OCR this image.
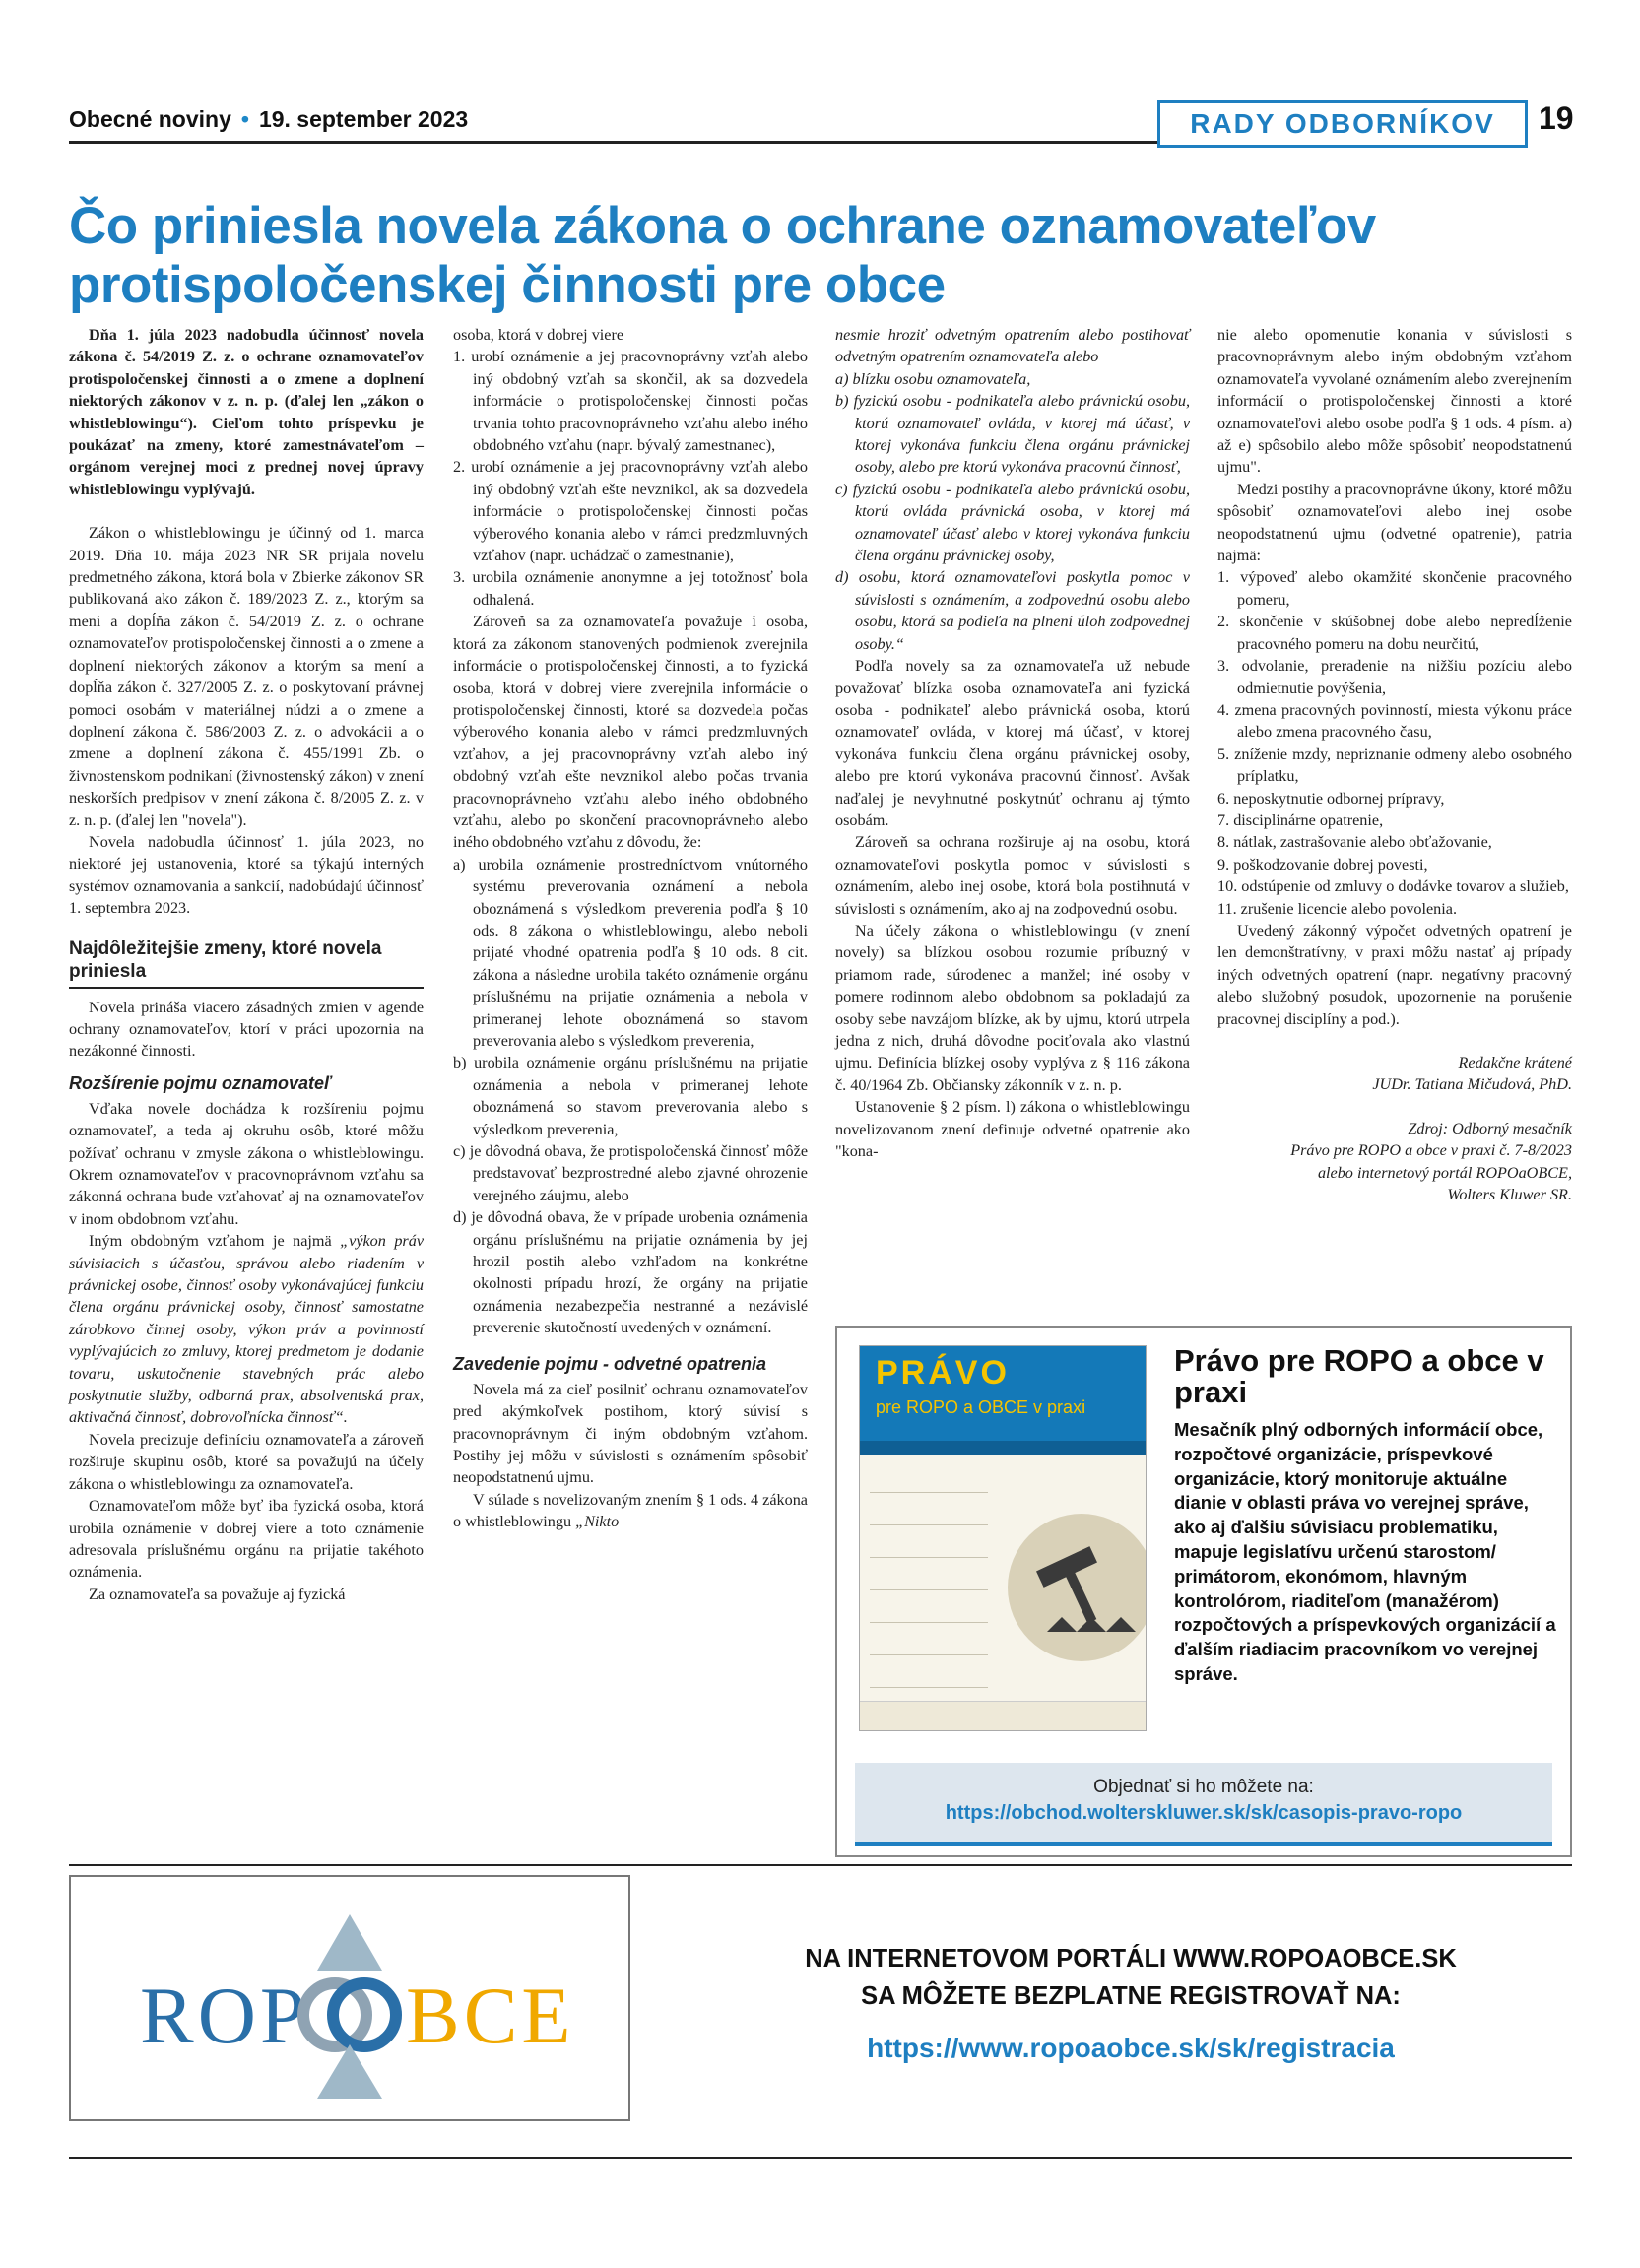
Obecné noviny • 19. september 2023	RADY ODBORNÍKOV	19
Čo priniesla novela zákona o ochrane oznamovateľov protispoločenskej činnosti pre obce

Dňa 1. júla 2023 nadobudla účinnosť novela zákona č. 54/2019 Z. z. o ochrane oznamovateľov protispoločenskej činnosti a o zmene a doplnení niektorých zákonov v z. n. p. (ďalej len „zákon o whistleblowingu“). Cieľom tohto príspevku je poukázať na zmeny, ktoré zamestnávateľom – orgánom verejnej moci z prednej novej úpravy whistleblowingu vyplývajú.

Zákon o whistleblowingu je účinný od 1. marca 2019. Dňa 10. mája 2023 NR SR prijala novelu predmetného zákona, ktorá bola v Zbierke zákonov SR publikovaná ako zákon č. 189/2023 Z. z., ktorým sa mení a dopĺňa zákon č. 54/2019 Z. z. o ochrane oznamovateľov protispoločenskej činnosti a o zmene a doplnení niektorých zákonov a ktorým sa mení a dopĺňa zákon č. 327/2005 Z. z. o poskytovaní právnej pomoci osobám v materiálnej núdzi a o zmene a doplnení zákona č. 586/2003 Z. z. o advokácii a o zmene a doplnení zákona č. 455/1991 Zb. o živnostenskom podnikaní (živnostenský zákon) v znení neskorších predpisov v znení zákona č. 8/2005 Z. z. v z. n. p. (ďalej len "novela").

Novela nadobudla účinnosť 1. júla 2023, no niektoré jej ustanovenia, ktoré sa týkajú interných systémov oznamovania a sankcií, nadobúdajú účinnosť 1. septembra 2023.

Najdôležitejšie zmeny, ktoré novela priniesla

Novela prináša viacero zásadných zmien v agende ochrany oznamovateľov, ktorí v práci upozornia na nezákonné činnosti.

Rozšírenie pojmu oznamovateľ

Vďaka novele dochádza k rozšíreniu pojmu oznamovateľ, a teda aj okruhu osôb, ktoré môžu požívať ochranu v zmysle zákona o whistleblowingu. Okrem oznamovateľov v pracovnoprávnom vzťahu sa zákonná ochrana bude vzťahovať aj na oznamovateľov v inom obdobnom vzťahu.

Iným obdobným vzťahom je najmä „výkon práv súvisiacich s účasťou, správou alebo riadením v právnickej osobe, činnosť osoby vykonávajúcej funkciu člena orgánu právnickej osoby, činnosť samostatne zárobkovo činnej osoby, výkon práv a povinností vyplývajúcich zo zmluvy, ktorej predmetom je dodanie tovaru, uskutočnenie stavebných prác alebo poskytnutie služby, odborná prax, absolventská prax, aktivačná činnosť, dobrovoľnícka činnosť“.

Novela precizuje definíciu oznamovateľa a zároveň rozširuje skupinu osôb, ktoré sa považujú na účely zákona o whistleblowingu za oznamovateľa.

Oznamovateľom môže byť iba fyzická osoba, ktorá urobila oznámenie v dobrej viere a toto oznámenie adresovala príslušnému orgánu na prijatie takéhoto oznámenia.

Za oznamovateľa sa považuje aj fyzická

osoba, ktorá v dobrej viere

1. urobí oznámenie a jej pracovnoprávny vzťah alebo iný obdobný vzťah sa skončil, ak sa dozvedela informácie o protispoločenskej činnosti počas trvania tohto pracovnoprávneho vzťahu alebo iného obdobného vzťahu (napr. bývalý zamestnanec),
2. urobí oznámenie a jej pracovnoprávny vzťah alebo iný obdobný vzťah ešte nevznikol, ak sa dozvedela informácie o protispoločenskej činnosti počas výberového konania alebo v rámci predzmluvných vzťahov (napr. uchádzač o zamestnanie),
3. urobila oznámenie anonymne a jej totožnosť bola odhalená.

Zároveň sa za oznamovateľa považuje i osoba, ktorá za zákonom stanovených podmienok zverejnila informácie o protispoločenskej činnosti, a to fyzická osoba, ktorá v dobrej viere zverejnila informácie o protispoločenskej činnosti, ktoré sa dozvedela počas výberového konania alebo v rámci predzmluvných vzťahov, a jej pracovnoprávny vzťah alebo iný obdobný vzťah ešte nevznikol alebo počas trvania pracovnoprávneho vzťahu alebo iného obdobného vzťahu, alebo po skončení pracovnoprávneho alebo iného obdobného vzťahu z dôvodu, že:

a) urobila oznámenie prostredníctvom vnútorného systému preverovania oznámení a nebola oboznámená s výsledkom preverenia podľa § 10 ods. 8 zákona o whistleblowingu, alebo neboli prijaté vhodné opatrenia podľa § 10 ods. 8 cit. zákona a následne urobila takéto oznámenie orgánu príslušnému na prijatie oznámenia a nebola v primeranej lehote oboznámená so stavom preverovania alebo s výsledkom preverenia,
b) urobila oznámenie orgánu príslušnému na prijatie oznámenia a nebola v primeranej lehote oboznámená so stavom preverovania alebo s výsledkom preverenia,
c) je dôvodná obava, že protispoločenská činnosť môže predstavovať bezprostredné alebo zjavné ohrozenie verejného záujmu, alebo
d) je dôvodná obava, že v prípade urobenia oznámenia orgánu príslušnému na prijatie oznámenia by jej hrozil postih alebo vzhľadom na konkrétne okolnosti prípadu hrozí, že orgány na prijatie oznámenia nezabezpečia nestranné a nezávislé preverenie skutočností uvedených v oznámení.
Zavedenie pojmu - odvetné opatrenia

Novela má za cieľ posilniť ochranu oznamovateľov pred akýmkoľvek postihom, ktorý súvisí s pracovnoprávnym či iným obdobným vzťahom. Postihy jej môžu v súvislosti s oznámením spôsobiť neopodstatnenú ujmu.

V súlade s novelizovaným znením § 1 ods. 4 zákona o whistleblowingu „Nikto

nesmie hroziť odvetným opatrením alebo postihovať odvetným opatrením oznamovateľa alebo

a) blízku osobu oznamovateľa,
b) fyzickú osobu - podnikateľa alebo právnickú osobu, ktorú oznamovateľ ovláda, v ktorej má účasť, v ktorej vykonáva funkciu člena orgánu právnickej osoby, alebo pre ktorú vykonáva pracovnú činnosť,
c) fyzickú osobu - podnikateľa alebo právnickú osobu, ktorú ovláda právnická osoba, v ktorej má oznamovateľ účasť alebo v ktorej vykonáva funkciu člena orgánu právnickej osoby,
d) osobu, ktorá oznamovateľovi poskytla pomoc v súvislosti s oznámením, a zodpovednú osobu alebo osobu, ktorá sa podieľa na plnení úloh zodpovednej osoby.“

Podľa novely sa za oznamovateľa už nebude považovať blízka osoba oznamovateľa ani fyzická osoba - podnikateľ alebo právnická osoba, ktorú oznamovateľ ovláda, v ktorej má účasť, v ktorej vykonáva funkciu člena orgánu právnickej osoby, alebo pre ktorú vykonáva pracovnú činnosť. Avšak naďalej je nevyhnutné poskytnúť ochranu aj týmto osobám.

Zároveň sa ochrana rozširuje aj na osobu, ktorá oznamovateľovi poskytla pomoc v súvislosti s oznámením, alebo inej osobe, ktorá bola postihnutá v súvislosti s oznámením, ako aj na zodpovednú osobu.

Na účely zákona o whistleblowingu (v znení novely) sa blízkou osobou rozumie príbuzný v priamom rade, súrodenec a manžel; iné osoby v pomere rodinnom alebo obdobnom sa pokladajú za osoby sebe navzájom blízke, ak by ujmu, ktorú utrpela jedna z nich, druhá dôvodne pociťovala ako vlastnú ujmu. Definícia blízkej osoby vyplýva z § 116 zákona č. 40/1964 Zb. Občiansky zákonník v z. n. p.

Ustanovenie § 2 písm. l) zákona o whistleblowingu novelizovanom znení definuje odvetné opatrenie ako "kona-

nie alebo opomenutie konania v súvislosti s pracovnoprávnym alebo iným obdobným vzťahom oznamovateľa vyvolané oznámením alebo zverejnením informácií o protispoločenskej činnosti a ktoré oznamovateľovi alebo osobe podľa § 1 ods. 4 písm. a) až e) spôsobilo alebo môže spôsobiť neopodstatnenú ujmu".

Medzi postihy a pracovnoprávne úkony, ktoré môžu spôsobiť oznamovateľovi alebo inej osobe neopodstatnenú ujmu (odvetné opatrenie), patria najmä:

1. výpoveď alebo okamžité skončenie pracovného pomeru,
2. skončenie v skúšobnej dobe alebo nepredĺženie pracovného pomeru na dobu neurčitú,
3. odvolanie, preradenie na nižšiu pozíciu alebo odmietnutie povýšenia,
4. zmena pracovných povinností, miesta výkonu práce alebo zmena pracovného času,
5. zníženie mzdy, nepriznanie odmeny alebo osobného príplatku,
6. neposkytnutie odbornej prípravy,
7. disciplinárne opatrenie,
8. nátlak, zastrašovanie alebo obťažovanie,
9. poškodzovanie dobrej povesti,
10. odstúpenie od zmluvy o dodávke tovarov a služieb,
11. zrušenie licencie alebo povolenia.

Uvedený zákonný výpočet odvetných opatrení je len demonštratívny, v praxi môžu nastať aj prípady iných odvetných opatrení (napr. negatívny pracovný alebo služobný posudok, upozornenie na porušenie pracovnej disciplíny a pod.).

Redakčne krátené

JUDr. Tatiana Mičudová, PhD.

Zdroj: Odborný mesačník

Právo pre ROPO a obce v praxi č. 7-8/2023

alebo internetový portál ROPOaOBCE,

Wolters Kluwer SR.

PRÁVO
pre ROPO a OBCE v praxi
Právo pre ROPO a obce v praxi
Mesačník plný odborných informácií obce, rozpočtové organizácie, príspevkové organizácie, ktorý monitoruje aktuálne dianie v oblasti práva vo verejnej správe, ako aj ďalšiu súvisiacu problematiku, mapuje legislatívu určenú starostom/ primátorom, ekonómom, hlavným kontrolórom, riaditeľom (manažérom) rozpočtových a príspevkových organizácií a ďalším riadiacim pracovníkom vo verejnej správe.
Objednať si ho môžete na:
https://obchod.wolterskluwer.sk/sk/casopis-pravo-ropo
ROP BCE
NA INTERNETOVOM PORTÁLI WWW.ROPOAOBCE.SK
SA MÔŽETE BEZPLATNE REGISTROVAŤ NA:
https://www.ropoaobce.sk/sk/registracia
